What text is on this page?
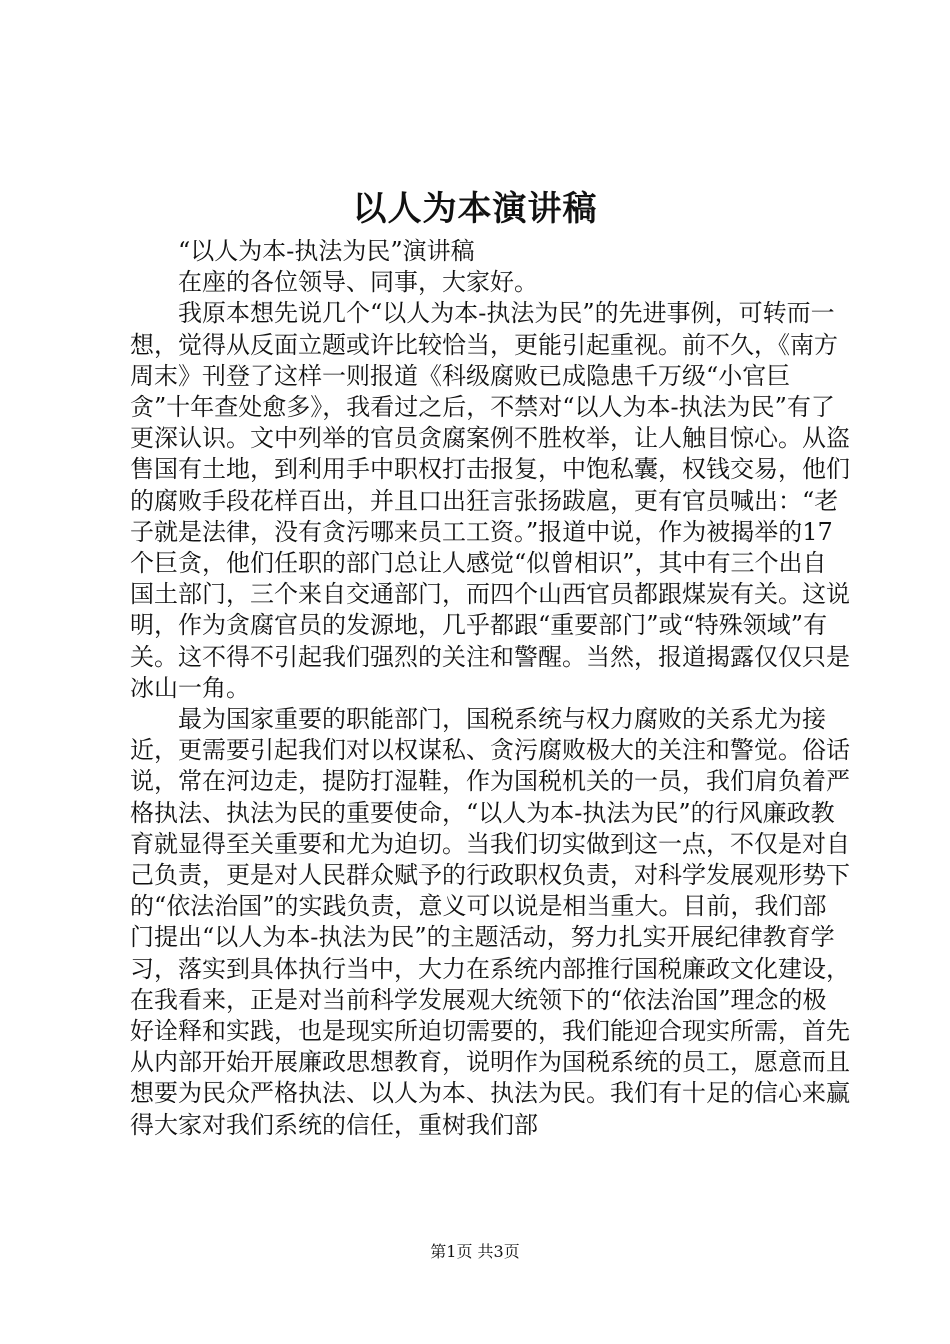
以人为本演讲稿

“以人为本-执法为民”演讲稿

在座的各位领导、同事，大家好。

我原本想先说几个“以人为本-执法为民”的先进事例，可转而一想，觉得从反面立题或许比较恰当，更能引起重视。前不久，《南方周末》刊登了这样一则报道《科级腐败已成隐患千万级“小官巨贪”十年查处愈多》，我看过之后，不禁对“以人为本-执法为民”有了更深认识。文中列举的官员贪腐案例不胜枚举，让人触目惊心。从盗售国有土地，到利用手中职权打击报复，中饱私囊，权钱交易，他们的腐败手段花样百出，并且口出狂言张扬跋扈，更有官员喊出：“老子就是法律，没有贪污哪来员工工资。”报道中说，作为被揭举的17个巨贪，他们任职的部门总让人感觉“似曾相识”，其中有三个出自国土部门，三个来自交通部门，而四个山西官员都跟煤炭有关。这说明，作为贪腐官员的发源地，几乎都跟“重要部门”或“特殊领域”有关。这不得不引起我们强烈的关注和警醒。当然，报道揭露仅仅只是冰山一角。

最为国家重要的职能部门，国税系统与权力腐败的关系尤为接近，更需要引起我们对以权谋私、贪污腐败极大的关注和警觉。俗话说，常在河边走，提防打湿鞋，作为国税机关的一员，我们肩负着严格执法、执法为民的重要使命，“以人为本-执法为民”的行风廉政教育就显得至关重要和尤为迫切。当我们切实做到这一点，不仅是对自己负责，更是对人民群众赋予的行政职权负责，对科学发展观形势下的“依法治国”的实践负责，意义可以说是相当重大。目前，我们部门提出“以人为本-执法为民”的主题活动，努力扎实开展纪律教育学习，落实到具体执行当中，大力在系统内部推行国税廉政文化建设，在我看来，正是对当前科学发展观大统领下的“依法治国”理念的极好诠释和实践，也是现实所迫切需要的，我们能迎合现实所需，首先从内部开始开展廉政思想教育，说明作为国税系统的员工，愿意而且想要为民众严格执法、以人为本、执法为民。我们有十足的信心来赢得大家对我们系统的信任，重树我们部

第1页 共3页
